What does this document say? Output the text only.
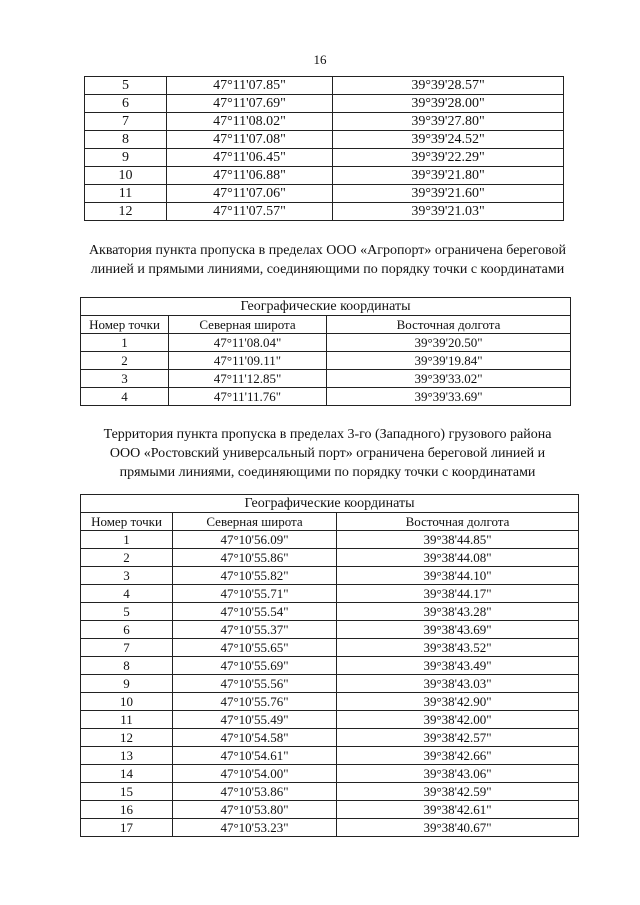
16
5	47°11'07.85"	39°39'28.57"
6	47°11'07.69"	39°39'28.00"
7	47°11'08.02"	39°39'27.80"
8	47°11'07.08"	39°39'24.52"
9	47°11'06.45"	39°39'22.29"
10	47°11'06.88"	39°39'21.80"
11	47°11'07.06"	39°39'21.60"
12	47°11'07.57"	39°39'21.03"
Акватория пункта пропуска в пределах ООО «Агропорт» ограничена береговой
линией и прямыми линиями, соединяющими по порядку точки с координатами
Географические координаты		
Номер точки	Северная широта	Восточная долгота
1	47°11'08.04"	39°39'20.50"
2	47°11'09.11"	39°39'19.84"
3	47°11'12.85"	39°39'33.02"
4	47°11'11.76"	39°39'33.69"
Территория пункта пропуска в пределах 3-го (Западного) грузового района
ООО «Ростовский универсальный порт» ограничена береговой линией и
прямыми линиями, соединяющими по порядку точки с координатами
Географические координаты		
Номер точки	Северная широта	Восточная долгота
1	47°10'56.09"	39°38'44.85"
2	47°10'55.86"	39°38'44.08"
3	47°10'55.82"	39°38'44.10"
4	47°10'55.71"	39°38'44.17"
5	47°10'55.54"	39°38'43.28"
6	47°10'55.37"	39°38'43.69"
7	47°10'55.65"	39°38'43.52"
8	47°10'55.69"	39°38'43.49"
9	47°10'55.56"	39°38'43.03"
10	47°10'55.76"	39°38'42.90"
11	47°10'55.49"	39°38'42.00"
12	47°10'54.58"	39°38'42.57"
13	47°10'54.61"	39°38'42.66"
14	47°10'54.00"	39°38'43.06"
15	47°10'53.86"	39°38'42.59"
16	47°10'53.80"	39°38'42.61"
17	47°10'53.23"	39°38'40.67"
